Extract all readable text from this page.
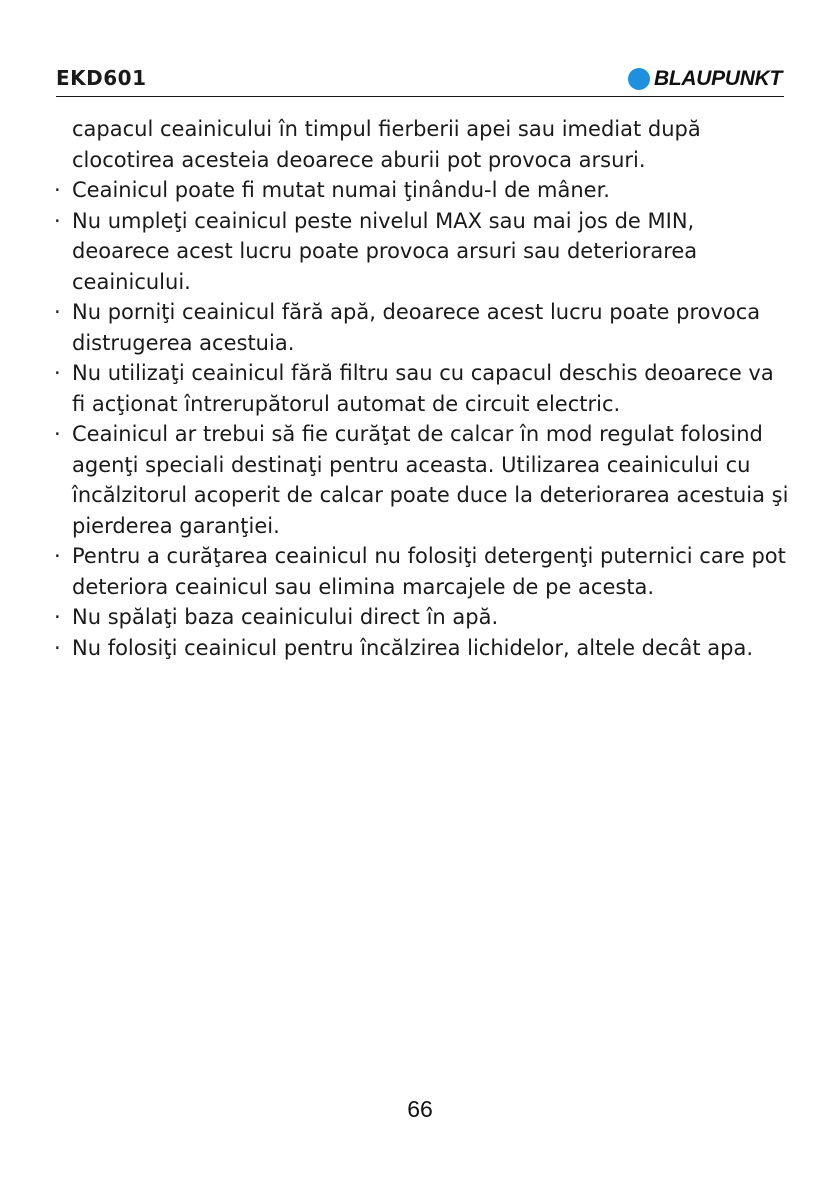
EKD601	BLAUPUNKT

capacul ceainicului în timpul fierberii apei sau imediat după clocotirea acesteia deoarece aburii pot provoca arsuri.

· Ceainicul poate fi mutat numai ţinându-l de mâner.

· Nu umpleţi ceainicul peste nivelul MAX sau mai jos de MIN, deoarece acest lucru poate provoca arsuri sau deteriorarea ceainicului.

· Nu porniţi ceainicul fără apă, deoarece acest lucru poate provoca distrugerea acestuia.

· Nu utilizaţi ceainicul fără filtru sau cu capacul deschis deoarece va fi acţionat întrerupătorul automat de circuit electric.

· Ceainicul ar trebui să fie curăţat de calcar în mod regulat folosind agenţi speciali destinaţi pentru aceasta. Utilizarea ceainicului cu încălzitorul acoperit de calcar poate duce la deteriorarea acestuia şi pierderea garanţiei.

· Pentru a curăţarea ceainicul nu folosiţi detergenţi puternici care pot deteriora ceainicul sau elimina marcajele de pe acesta.

· Nu spălaţi baza ceainicului direct în apă.

· Nu folosiţi ceainicul pentru încălzirea lichidelor, altele decât apa.

66
